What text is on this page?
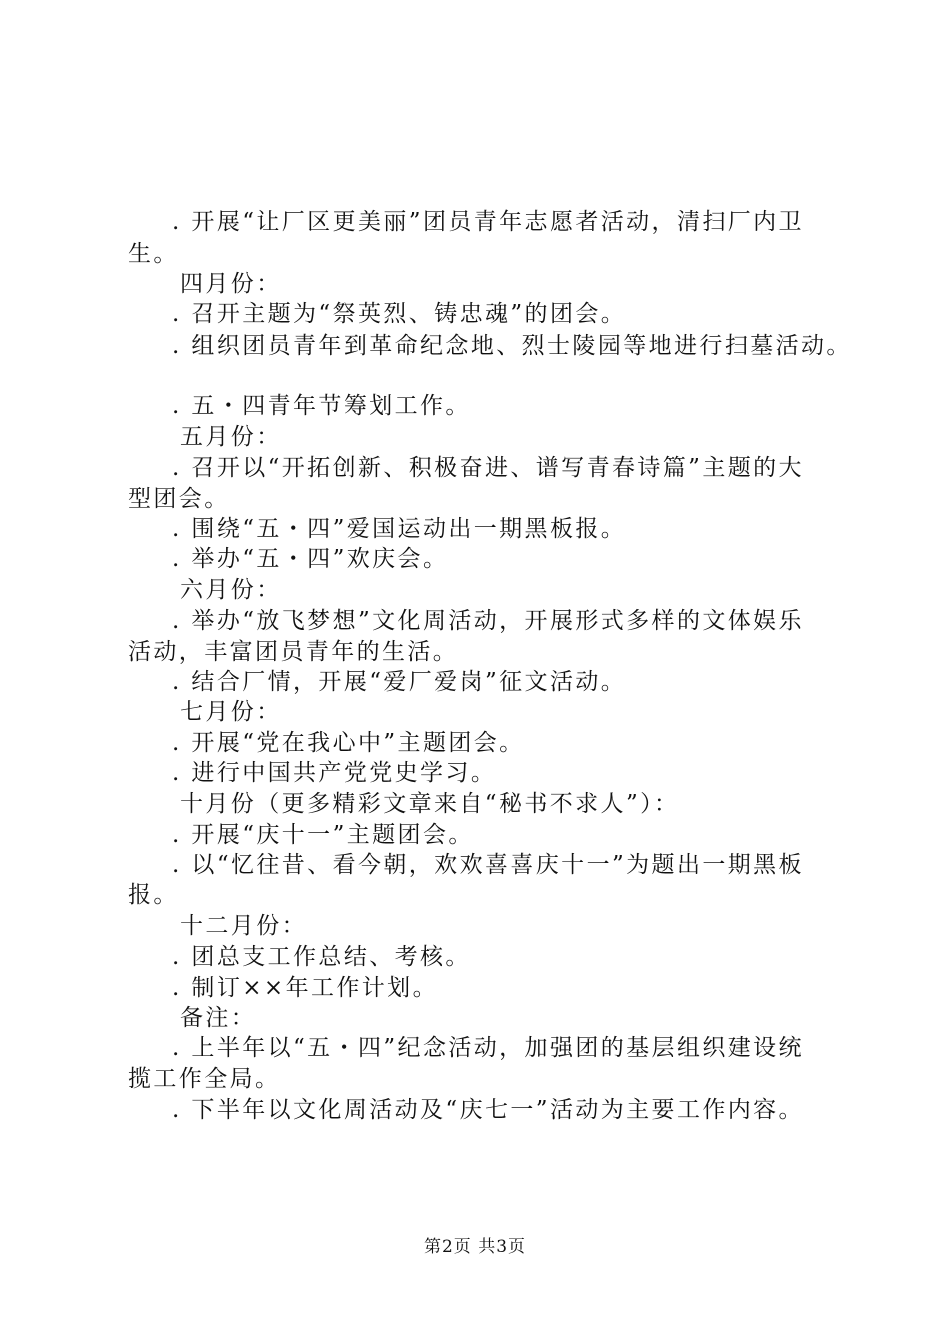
. 开展“让厂区更美丽”团员青年志愿者活动，清扫厂内卫
生。
四月份：
. 召开主题为“祭英烈、铸忠魂”的团会。
. 组织团员青年到革命纪念地、烈士陵园等地进行扫墓活动。
. 五・四青年节筹划工作。
五月份：
. 召开以“开拓创新、积极奋进、谱写青春诗篇”主题的大
型团会。
. 围绕“五・四”爱国运动出一期黑板报。
. 举办“五・四”欢庆会。
六月份：
. 举办“放飞梦想”文化周活动，开展形式多样的文体娱乐
活动，丰富团员青年的生活。
. 结合厂情，开展“爱厂爱岗”征文活动。
七月份：
. 开展“党在我心中”主题团会。
. 进行中国共产党党史学习。
十月份（更多精彩文章来自“秘书不求人”）：
. 开展“庆十一”主题团会。
. 以“忆往昔、看今朝，欢欢喜喜庆十一”为题出一期黑板
报。
十二月份：
. 团总支工作总结、考核。
. 制订××年工作计划。
备注：
. 上半年以“五・四”纪念活动，加强团的基层组织建设统
揽工作全局。
. 下半年以文化周活动及“庆七一”活动为主要工作内容。
第2页 共3页
